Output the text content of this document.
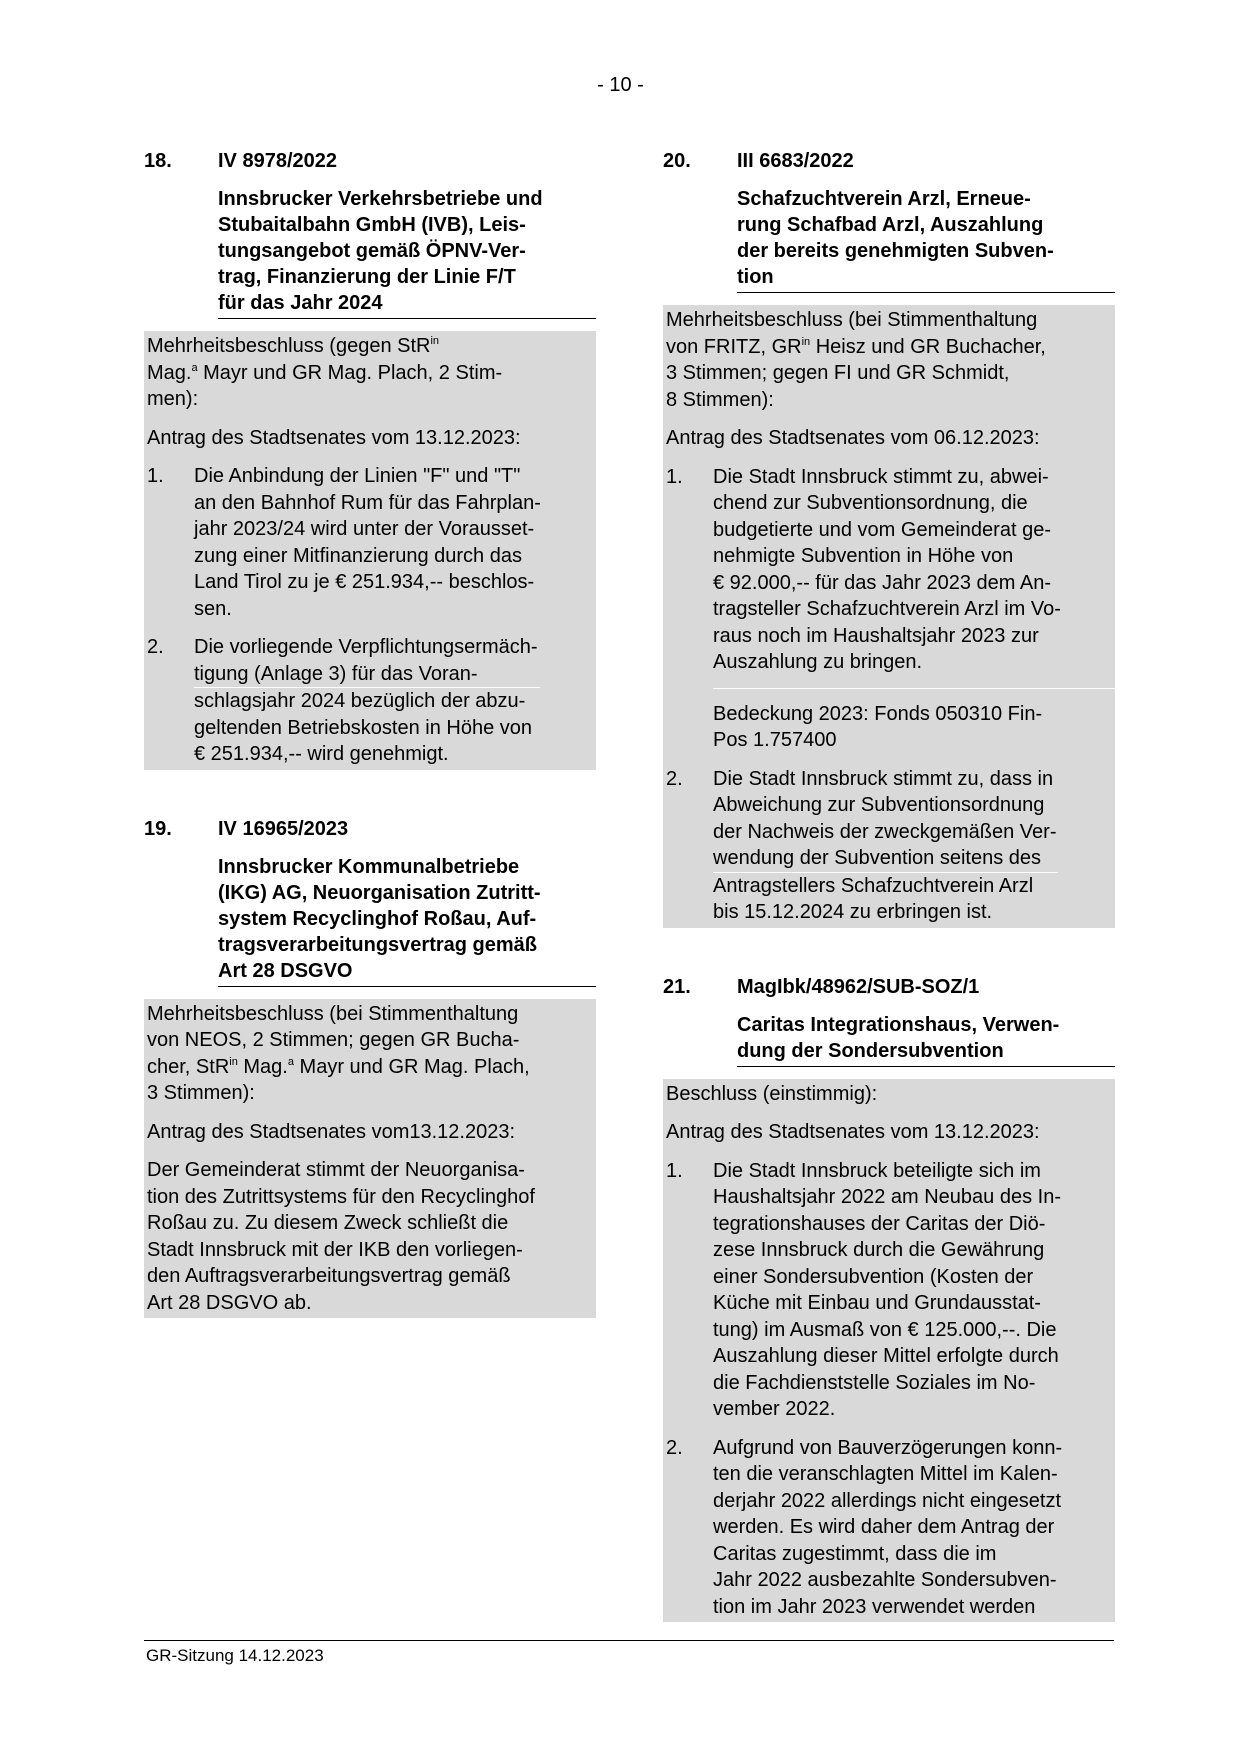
- 10 -
18.	IV 8978/2022
Innsbrucker Verkehrsbetriebe und
Stubaitalbahn GmbH (IVB), Leis-
tungsangebot gemäß ÖPNV-Ver-
trag, Finanzierung der Linie F/T
für das Jahr 2024

Mehrheitsbeschluss (gegen StR$^{in}$
Mag.$^a$ Mayr und GR Mag. Plach, 2 Stim-
men):

Antrag des Stadtsenates vom 13.12.2023:

1.	Die Anbindung der Linien "F" und "T"
an den Bahnhof Rum für das Fahrplan-
jahr 2023/24 wird unter der Vorausset-
zung einer Mitfinanzierung durch das
Land Tirol zu je € 251.934,-- beschlos-
sen.
2.	Die vorliegende Verpflichtungsermäch-
tigung (Anlage 3) für das Voran-
schlagsjahr 2024 bezüglich der abzu-
geltenden Betriebskosten in Höhe von
€ 251.934,-- wird genehmigt.
19.	IV 16965/2023
Innsbrucker Kommunalbetriebe
(IKG) AG, Neuorganisation Zutritt-
system Recyclinghof Roßau, Auf-
tragsverarbeitungsvertrag gemäß
Art 28 DSGVO

Mehrheitsbeschluss (bei Stimmenthaltung
von NEOS, 2 Stimmen; gegen GR Bucha-
cher, StR$^{in}$ Mag.$^a$ Mayr und GR Mag. Plach,
3 Stimmen):

Antrag des Stadtsenates vom13.12.2023:

Der Gemeinderat stimmt der Neuorganisa-
tion des Zutrittsystems für den Recyclinghof
Roßau zu. Zu diesem Zweck schließt die
Stadt Innsbruck mit der IKB den vorliegen-
den Auftragsverarbeitungsvertrag gemäß
Art 28 DSGVO ab.

20.	III 6683/2022
Schafzuchtverein Arzl, Erneue-
rung Schafbad Arzl, Auszahlung
der bereits genehmigten Subven-
tion

Mehrheitsbeschluss (bei Stimmenthaltung
von FRITZ, $GR^{in}$ Heisz und GR Buchacher,
3 Stimmen; gegen FI und GR Schmidt,
8 Stimmen):

Antrag des Stadtsenates vom 06.12.2023:

1.	Die Stadt Innsbruck stimmt zu, abwei-
chend zur Subventionsordnung, die
budgetierte und vom Gemeinderat ge-
nehmigte Subvention in Höhe von
€ 92.000,-- für das Jahr 2023 dem An-
tragsteller Schafzuchtverein Arzl im Vo-
raus noch im Haushaltsjahr 2023 zur
Auszahlung zu bringen.
Bedeckung 2023: Fonds 050310 Fin-
Pos 1.757400
2.	Die Stadt Innsbruck stimmt zu, dass in
Abweichung zur Subventionsordnung
der Nachweis der zweckgemäßen Ver-
wendung der Subvention seitens des
Antragstellers Schafzuchtverein Arzl
bis 15.12.2024 zu erbringen ist.
21.	MagIbk/48962/SUB-SOZ/1
Caritas Integrationshaus, Verwen-
dung der Sondersubvention

Beschluss (einstimmig):

Antrag des Stadtsenates vom 13.12.2023:

1.	Die Stadt Innsbruck beteiligte sich im
Haushaltsjahr 2022 am Neubau des In-
tegrationshauses der Caritas der Diö-
zese Innsbruck durch die Gewährung
einer Sondersubvention (Kosten der
Küche mit Einbau und Grundausstat-
tung) im Ausmaß von € 125.000,--. Die
Auszahlung dieser Mittel erfolgte durch
die Fachdienststelle Soziales im No-
vember 2022.
2.	Aufgrund von Bauverzögerungen konn-
ten die veranschlagten Mittel im Kalen-
derjahr 2022 allerdings nicht eingesetzt
werden. Es wird daher dem Antrag der
Caritas zugestimmt, dass die im
Jahr 2022 ausbezahlte Sondersubven-
tion im Jahr 2023 verwendet werden
GR-Sitzung 14.12.2023
